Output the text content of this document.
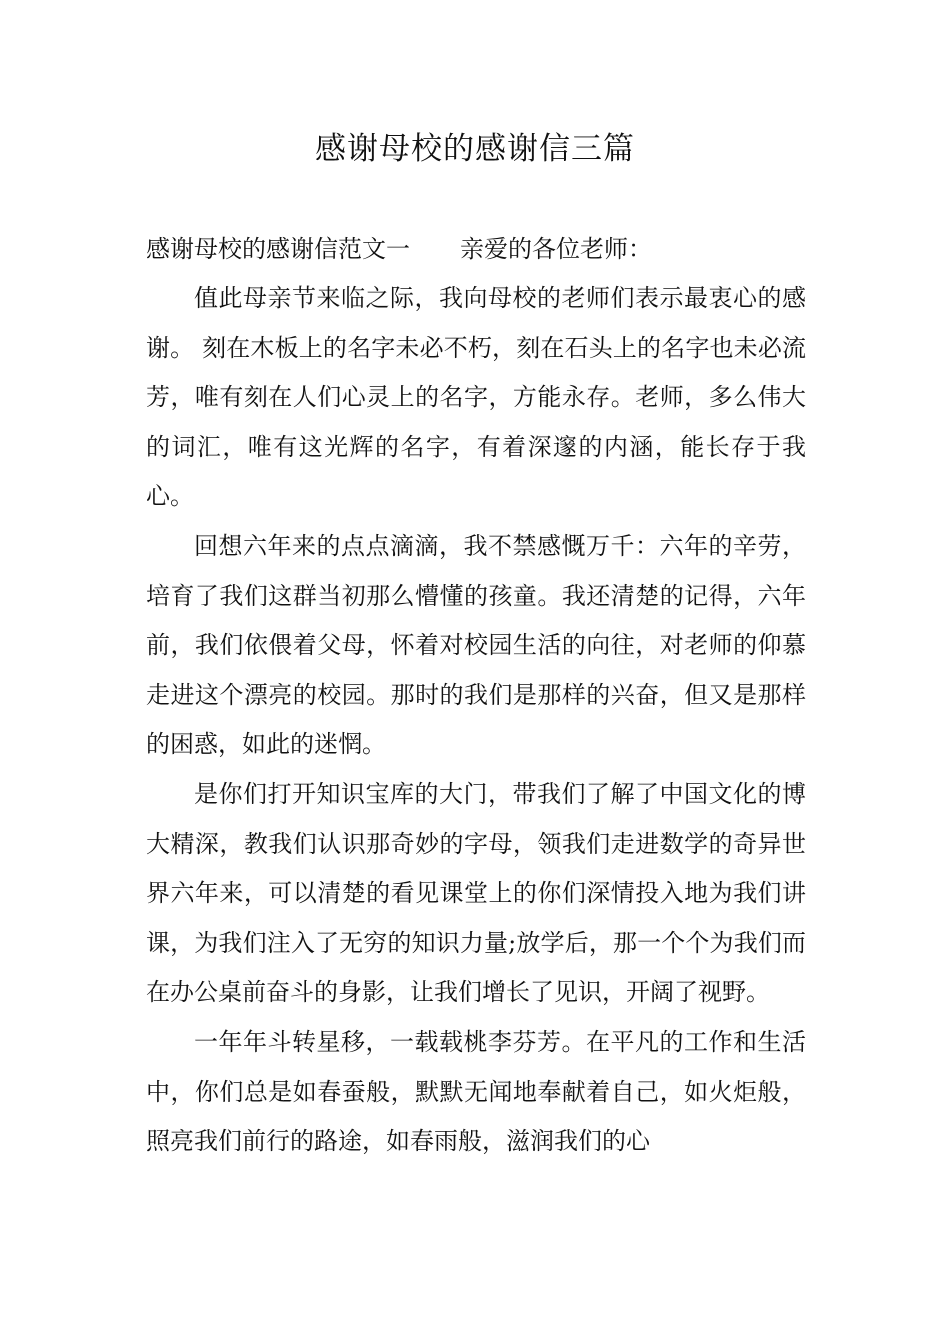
感谢母校的感谢信三篇
感谢母校的感谢信范文一 亲爱的各位老师：

值此母亲节来临之际，我向母校的老师们表示最衷心的感谢。 刻在木板上的名字未必不朽，刻在石头上的名字也未必流芳，唯有刻在人们心灵上的名字，方能永存。老师，多么伟大的词汇，唯有这光辉的名字，有着深邃的内涵，能长存于我心。

回想六年来的点点滴滴，我不禁感慨万千：六年的辛劳，培育了我们这群当初那么懵懂的孩童。我还清楚的记得，六年前，我们依偎着父母，怀着对校园生活的向往，对老师的仰慕走进这个漂亮的校园。那时的我们是那样的兴奋，但又是那样的困惑，如此的迷惘。

是你们打开知识宝库的大门，带我们了解了中国文化的博大精深，教我们认识那奇妙的字母，领我们走进数学的奇异世界六年来，可以清楚的看见课堂上的你们深情投入地为我们讲课，为我们注入了无穷的知识力量;放学后，那一个个为我们而在办公桌前奋斗的身影，让我们增长了见识，开阔了视野。

一年年斗转星移，一载载桃李芬芳。在平凡的工作和生活中，你们总是如春蚕般，默默无闻地奉献着自己，如火炬般，照亮我们前行的路途，如春雨般，滋润我们的心
